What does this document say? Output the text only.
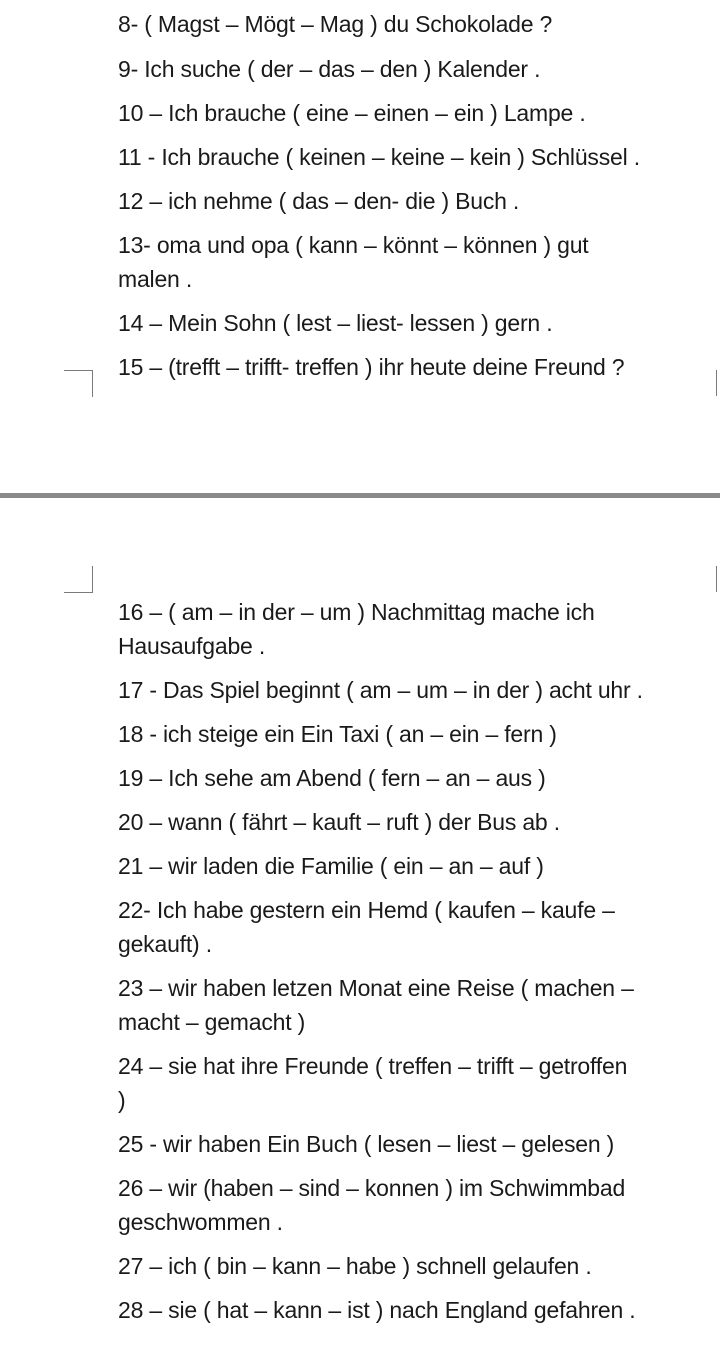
8- ( Magst – Mögt – Mag ) du Schokolade ?
9- Ich suche ( der – das – den ) Kalender .
10 – Ich brauche ( eine – einen – ein ) Lampe .
11 - Ich brauche ( keinen – keine – kein ) Schlüssel .
12 – ich nehme ( das – den- die ) Buch .
13- oma und opa ( kann – könnt – können ) gut
malen .
14 – Mein Sohn ( lest – liest- lessen ) gern .
15 – (trefft – trifft- treffen ) ihr heute deine Freund ?
16 – ( am – in der – um ) Nachmittag mache ich
Hausaufgabe .
17 - Das Spiel beginnt ( am – um – in der ) acht uhr .
18 - ich steige ein Ein Taxi ( an – ein – fern )
19 – Ich sehe am Abend ( fern – an – aus )
20 – wann ( fährt – kauft – ruft ) der Bus ab .
21 – wir laden die Familie ( ein – an – auf )
22- Ich habe gestern ein Hemd ( kaufen – kaufe –
gekauft) .
23 – wir haben letzen Monat eine Reise ( machen –
macht – gemacht )
24 – sie hat ihre Freunde ( treffen – trifft – getroffen
)
25 - wir haben Ein Buch ( lesen – liest – gelesen )
26 – wir (haben – sind – konnen ) im Schwimmbad
geschwommen .
27 – ich ( bin – kann – habe ) schnell gelaufen .
28 – sie ( hat – kann – ist ) nach England gefahren .
